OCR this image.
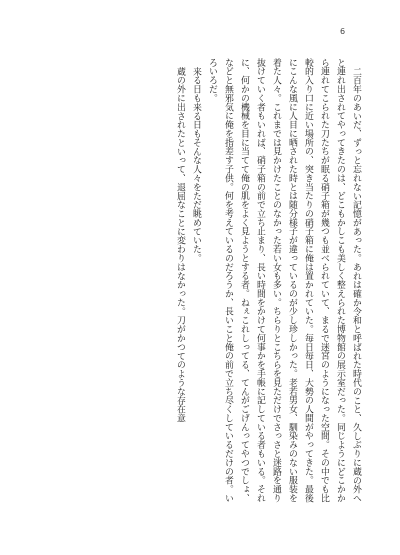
6

二百年のあいだ、ずっと忘れない記憶があった。あれは確か令和と呼ばれた時代のこと、久しぶりに蔵の外へと連れ出されてやってきたのは、どこもかしこも美しく整えられた博物館の展示室だった。同じようにどこかから連れてこられた刀たちが眠る硝子箱が幾つも並べられていて、まるで迷宮のようになった空間。その中でも比較的入り口に近い場所の、突き当たりの硝子箱に俺は置かれていた。毎日毎日、大勢の人間がやってきた。最後にこんな風に人目に晒された時とは随分様子が違っているのが少し珍しかった。老若男女、馴染みのない服装を着た人々。これまでは見かけたことのなかった若い女も多い。ちらりとこちらを見ただけでさっさと迷路を通り抜けていく者もいれば、硝子箱の前で立ち止まり、長い時間をかけて何事かを手帳に記している者もいる。それに、何かの機械を目に当てて俺の肌をよく見ようとする者。ねぇこれしってる、てんがごげんってやつでしょ、などと無邪気に俺を指差す子供。何を考えているのだろうか、長いこと俺の前で立ち尽くしているだけの者。いろいろだ。

来る日も来る日もそんな人々をただ眺めていた。

蔵の外に出されたといって、退屈なことに変わりはなかった。刀がかつてのような存在意
